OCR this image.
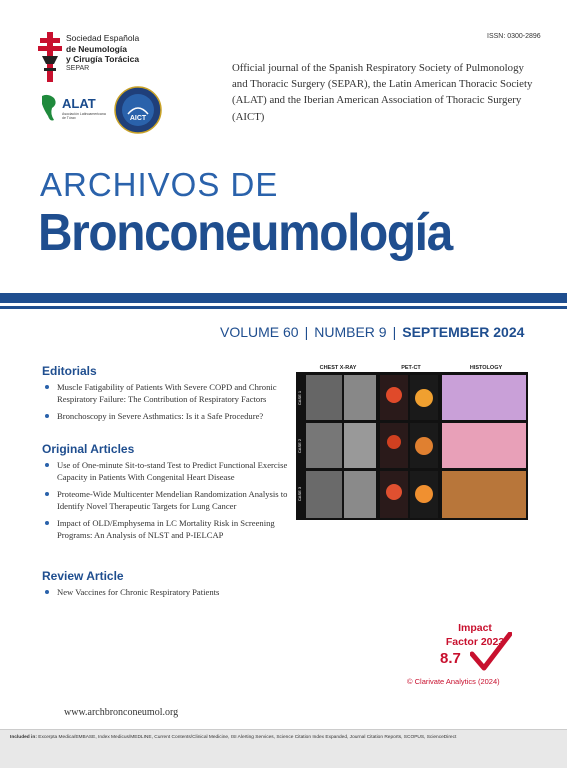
ISSN: 0300-2896
Sociedad Española
de Neumología
y Cirugía Torácica
SEPAR
ALAT
Asociación Latinoamericana de Tórax	AICT
Official journal of the Spanish Respiratory Society of Pulmonology and Thoracic Surgery (SEPAR), the Latin American Thoracic Society (ALAT) and the Iberian American Association of Thoracic Surgery (AICT)
ARCHIVOS DE
Bronconeumología
VOLUME 60 | NUMBER 9 | SEPTEMBER 2024
Editorials
Muscle Fatigability of Patients With Severe COPD and Chronic Respiratory Failure: The Contribution of Respiratory Factors
Bronchoscopy in Severe Asthmatics: Is it a Safe Procedure?
Original Articles
Use of One-minute Sit-to-stand Test to Predict Functional Exercise Capacity in Patients With Congenital Heart Disease
Proteome-Wide Multicenter Mendelian Randomization Analysis to Identify Novel Therapeutic Targets for Lung Cancer
Impact of OLD/Emphysema in LC Mortality Risk in Screening Programs: An Analysis of NLST and P-IELCAP
Review Article
New Vaccines for Chronic Respiratory Patients
CHEST X-RAY	PET-CT	HISTOLOGY
CASE 1
CASE 2
CASE 3
Impact
Factor 2023
8.7
© Clarivate Analytics (2024)
www.archbronconeumol.org
Included in: Excerpta Medica/EMBASE, Index Medicus/MEDLINE, Current Contents/Clinical Medicine, ISI Alerting Services, Science Citation Index Expanded, Journal Citation Reports, SCOPUS, ScienceDirect
